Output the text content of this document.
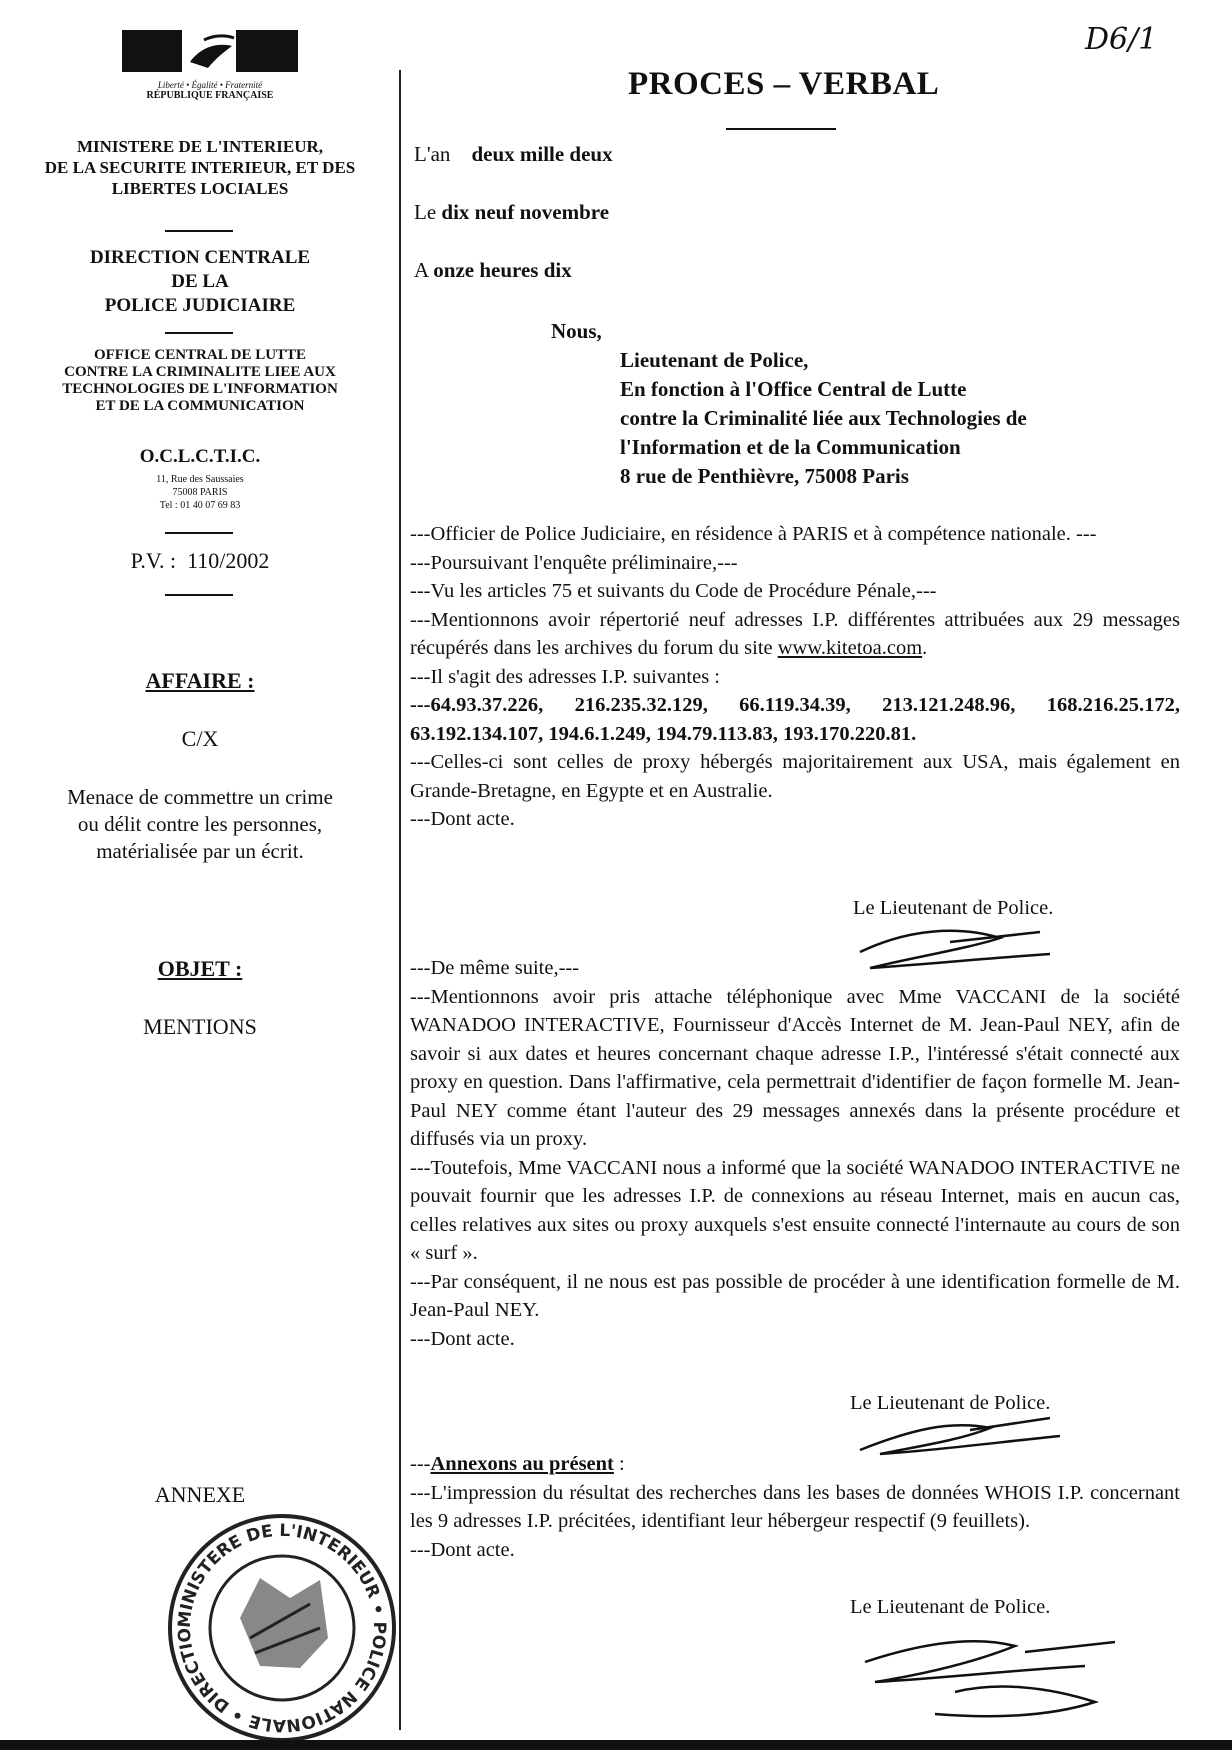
D6/1
Liberté • Égalité • Fraternité
RÉPUBLIQUE FRANÇAISE
MINISTERE DE L'INTERIEUR,
DE LA SECURITE INTERIEUR, ET DES
LIBERTES LOCIALES
DIRECTION CENTRALE
DE LA
POLICE JUDICIAIRE
OFFICE CENTRAL DE LUTTE
CONTRE LA CRIMINALITE LIEE AUX
TECHNOLOGIES DE L'INFORMATION
ET DE LA COMMUNICATION
O.C.L.C.T.I.C.
11, Rue des Saussaies
75008 PARIS
Tel : 01 40 07 69 83
P.V. : 110/2002
AFFAIRE :
C/X
Menace de commettre un crime
ou délit contre les personnes,
matérialisée par un écrit.
OBJET :
MENTIONS
ANNEXE
MINISTERE DE L'INTERIEUR • POLICE NATIONALE • DIRECTIO
PROCES – VERBAL
L'an deux mille deux
Le dix neuf novembre
A onze heures dix
Nous,
Lieutenant de Police,
En fonction à l'Office Central de Lutte
contre la Criminalité liée aux Technologies de
l'Information et de la Communication
8 rue de Penthièvre, 75008 Paris
---Officier de Police Judiciaire, en résidence à PARIS et à compétence nationale. ---
---Poursuivant l'enquête préliminaire,---
---Vu les articles 75 et suivants du Code de Procédure Pénale,---
---Mentionnons avoir répertorié neuf adresses I.P. différentes attribuées aux 29 messages récupérés dans les archives du forum du site www.kitetoa.com.
---Il s'agit des adresses I.P. suivantes :
---64.93.37.226, 216.235.32.129, 66.119.34.39, 213.121.248.96, 168.216.25.172, 63.192.134.107, 194.6.1.249, 194.79.113.83, 193.170.220.81.
---Celles-ci sont celles de proxy hébergés majoritairement aux USA, mais également en Grande-Bretagne, en Egypte et en Australie.
---Dont acte.
Le Lieutenant de Police.
---De même suite,---
---Mentionnons avoir pris attache téléphonique avec Mme VACCANI de la société WANADOO INTERACTIVE, Fournisseur d'Accès Internet de M. Jean-Paul NEY, afin de savoir si aux dates et heures concernant chaque adresse I.P., l'intéressé s'était connecté aux proxy en question. Dans l'affirmative, cela permettrait d'identifier de façon formelle M. Jean-Paul NEY comme étant l'auteur des 29 messages annexés dans la présente procédure et diffusés via un proxy.
---Toutefois, Mme VACCANI nous a informé que la société WANADOO INTERACTIVE ne pouvait fournir que les adresses I.P. de connexions au réseau Internet, mais en aucun cas, celles relatives aux sites ou proxy auxquels s'est ensuite connecté l'internaute au cours de son « surf ».
---Par conséquent, il ne nous est pas possible de procéder à une identification formelle de M. Jean-Paul NEY.
---Dont acte.
Le Lieutenant de Police.
---Annexons au présent :
---L'impression du résultat des recherches dans les bases de données WHOIS I.P. concernant les 9 adresses I.P. précitées, identifiant leur hébergeur respectif (9 feuillets).
---Dont acte.
Le Lieutenant de Police.
